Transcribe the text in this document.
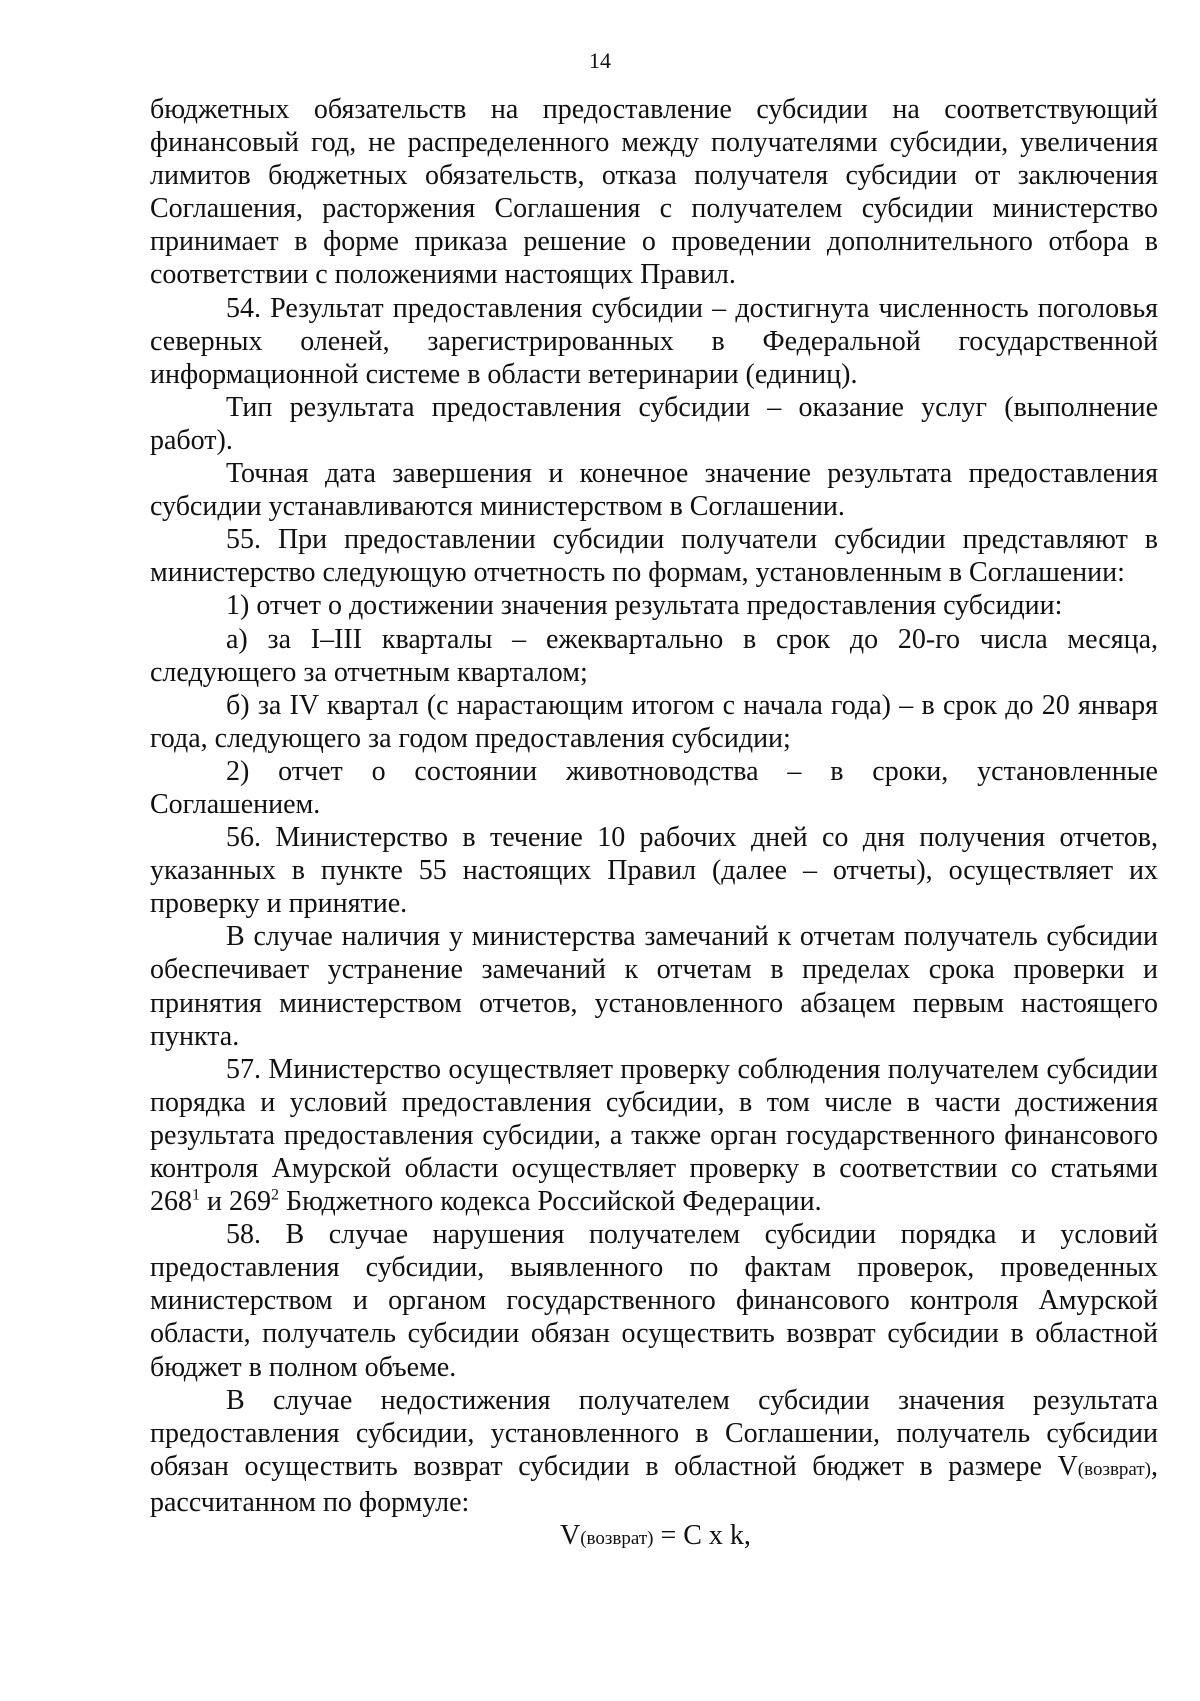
14

бюджетных обязательств на предоставление субсидии на соответствующий финансовый год, не распределенного между получателями субсидии, увеличения лимитов бюджетных обязательств, отказа получателя субсидии от заключения Соглашения, расторжения Соглашения с получателем субсидии министерство принимает в форме приказа решение о проведении дополнительного отбора в соответствии с положениями настоящих Правил.

54. Результат предоставления субсидии – достигнута численность поголовья северных оленей, зарегистрированных в Федеральной государственной информационной системе в области ветеринарии (единиц).

Тип результата предоставления субсидии – оказание услуг (выполнение работ).

Точная дата завершения и конечное значение результата предоставления субсидии устанавливаются министерством в Соглашении.

55. При предоставлении субсидии получатели субсидии представляют в министерство следующую отчетность по формам, установленным в Соглашении:

1) отчет о достижении значения результата предоставления субсидии:

а) за I–III кварталы – ежеквартально в срок до 20-го числа месяца, следующего за отчетным кварталом;

б) за IV квартал (с нарастающим итогом с начала года) – в срок до 20 января года, следующего за годом предоставления субсидии;

2) отчет о состоянии животноводства – в сроки, установленные Соглашением.

56. Министерство в течение 10 рабочих дней со дня получения отчетов, указанных в пункте 55 настоящих Правил (далее – отчеты), осуществляет их проверку и принятие.

В случае наличия у министерства замечаний к отчетам получатель субсидии обеспечивает устранение замечаний к отчетам в пределах срока проверки и принятия министерством отчетов, установленного абзацем первым настоящего пункта.

57. Министерство осуществляет проверку соблюдения получателем субсидии порядка и условий предоставления субсидии, в том числе в части достижения результата предоставления субсидии, а также орган государственного финансового контроля Амурской области осуществляет проверку в соответствии со статьями $268^1$ и $269^2$ Бюджетного кодекса Российской Федерации.

58. В случае нарушения получателем субсидии порядка и условий предоставления субсидии, выявленного по фактам проверок, проведенных министерством и органом государственного финансового контроля Амурской области, получатель субсидии обязан осуществить возврат субсидии в областной бюджет в полном объеме.

В случае недостижения получателем субсидии значения результата предоставления субсидии, установленного в Соглашении, получатель субсидии обязан осуществить возврат субсидии в областной бюджет в размере V(возврат), рассчитанном по формуле:

V(возврат) = C x k,
